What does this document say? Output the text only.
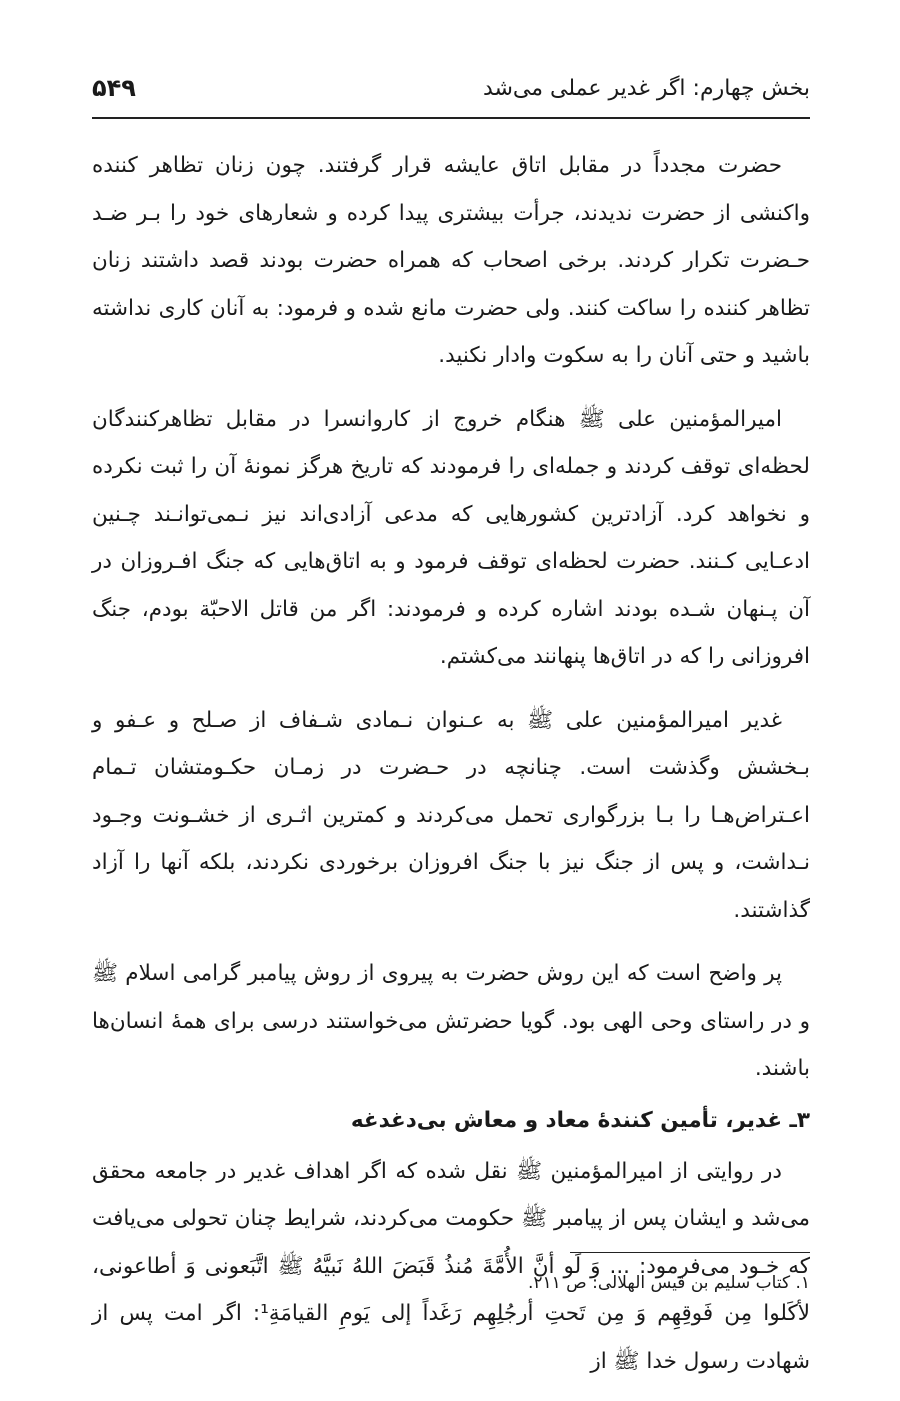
۵۴۹	بخش چهارم: اگر غدیر عملی می‌شد

حضرت مجدداً در مقابل اتاق عایشه قرار گرفتند. چون زنان تظاهر کننده واکنشی از حضرت ندیدند، جرأت بیشتری پیدا کرده و شعارهای خود را بـر ضـد حـضرت تکرار کردند. برخی اصحاب که همراه حضرت بودند قصد داشتند زنان تظاهر کننده را ساکت کنند. ولی حضرت مانع شده و فرمود: به آنان کاری نداشته باشید و حتی آنان را به سکوت وادار نکنید.

امیرالمؤمنین علی ﷺ هنگام خروج از کاروانسرا در مقابل تظاهرکنندگان لحظه‌ای توقف کردند و جمله‌ای را فرمودند که تاریخ هرگز نمونهٔ آن را ثبت نکرده و نخواهد کرد. آزادترین کشورهایی که مدعی آزادی‌اند نیز نـمی‌توانـند چـنین ادعـایی کـنند. حضرت لحظه‌ای توقف فرمود و به اتاق‌هایی که جنگ افـروزان در آن پـنهان شـده بودند اشاره کرده و فرمودند: اگر من قاتل الاحبّة بودم، جنگ افروزانی را که در اتاق‌ها پنهانند می‌کشتم.

غدیر امیرالمؤمنین علی ﷺ به عـنوان نـمادی شـفاف از صـلح و عـفو و بـخشش وگذشت است. چنانچه در حـضرت در زمـان حکـومتشان تـمام اعـتراض‌هـا را بـا بزرگواری تحمل می‌کردند و کمترین اثـری از خشـونت وجـود نـداشت، و پس از جنگ نیز با جنگ افروزان برخوردی نکردند، بلکه آنها را آزاد گذاشتند.

پر واضح است که این روش حضرت به پیروی از روش پیامبر گرامی اسلام ﷺ و در راستای وحی الهی بود. گویا حضرتش می‌خواستند درسی برای همهٔ انسان‌ها باشند.

۳ـ غدیر، تأمین کنندهٔ معاد و معاش بی‌دغدغه

در روایتی از امیرالمؤمنین ﷺ نقل شده که اگر اهداف غدیر در جامعه محقق می‌شد و ایشان پس از پیامبر ﷺ حکومت می‌کردند، شرایط چنان تحولی می‌یافت که خـود می‌فرمود: ... وَ لَو أنَّ الأُمَّةَ مُنذُ قَبَضَ اللهُ نَبیَّهُ ﷺ اتَّبَعونی وَ أطاعونی، لأكَلوا مِن فَوقِهِم وَ مِن تَحتِ أرجُلِهِم رَغَداً إلی یَومِ القیامَةِ¹: اگر امت پس از شهادت رسول خدا ﷺ از

۱. کتاب سلیم بن قیس الهلالی: ص ۲۱۱.
